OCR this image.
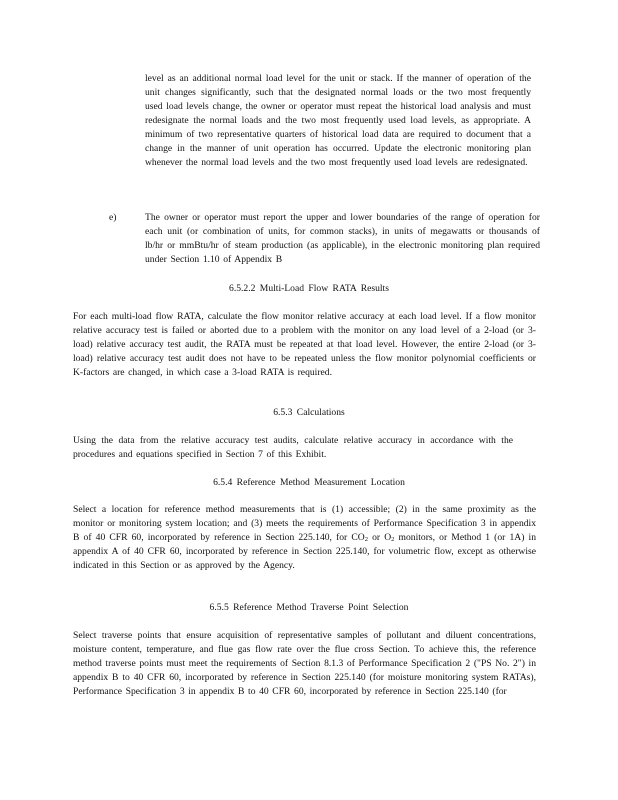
level as an additional normal load level for the unit or stack. If the manner of operation of the unit changes significantly, such that the designated normal loads or the two most frequently used load levels change, the owner or operator must repeat the historical load analysis and must redesignate the normal loads and the two most frequently used load levels, as appropriate. A minimum of two representative quarters of historical load data are required to document that a change in the manner of unit operation has occurred. Update the electronic monitoring plan whenever the normal load levels and the two most frequently used load levels are redesignated.

e)	The owner or operator must report the upper and lower boundaries of the range of operation for each unit (or combination of units, for common stacks), in units of megawatts or thousands of lb/hr or mmBtu/hr of steam production (as applicable), in the electronic monitoring plan required under Section 1.10 of Appendix B

6.5.2.2 Multi-Load Flow RATA Results

For each multi-load flow RATA, calculate the flow monitor relative accuracy at each load level. If a flow monitor relative accuracy test is failed or aborted due to a problem with the monitor on any load level of a 2-load (or 3-load) relative accuracy test audit, the RATA must be repeated at that load level. However, the entire 2-load (or 3-load) relative accuracy test audit does not have to be repeated unless the flow monitor polynomial coefficients or K-factors are changed, in which case a 3-load RATA is required.

6.5.3 Calculations

Using the data from the relative accuracy test audits, calculate relative accuracy in accordance with the procedures and equations specified in Section 7 of this Exhibit.

6.5.4 Reference Method Measurement Location

Select a location for reference method measurements that is (1) accessible; (2) in the same proximity as the monitor or monitoring system location; and (3) meets the requirements of Performance Specification 3 in appendix B of 40 CFR 60, incorporated by reference in Section 225.140, for $CO_2$ or $O_2$ monitors, or Method 1 (or 1A) in appendix A of 40 CFR 60, incorporated by reference in Section 225.140, for volumetric flow, except as otherwise indicated in this Section or as approved by the Agency.

6.5.5 Reference Method Traverse Point Selection

Select traverse points that ensure acquisition of representative samples of pollutant and diluent concentrations, moisture content, temperature, and flue gas flow rate over the flue cross Section. To achieve this, the reference method traverse points must meet the requirements of Section 8.1.3 of Performance Specification 2 ("PS No. 2") in appendix B to 40 CFR 60, incorporated by reference in Section 225.140 (for moisture monitoring system RATAs), Performance Specification 3 in appendix B to 40 CFR 60, incorporated by reference in Section 225.140 (for
